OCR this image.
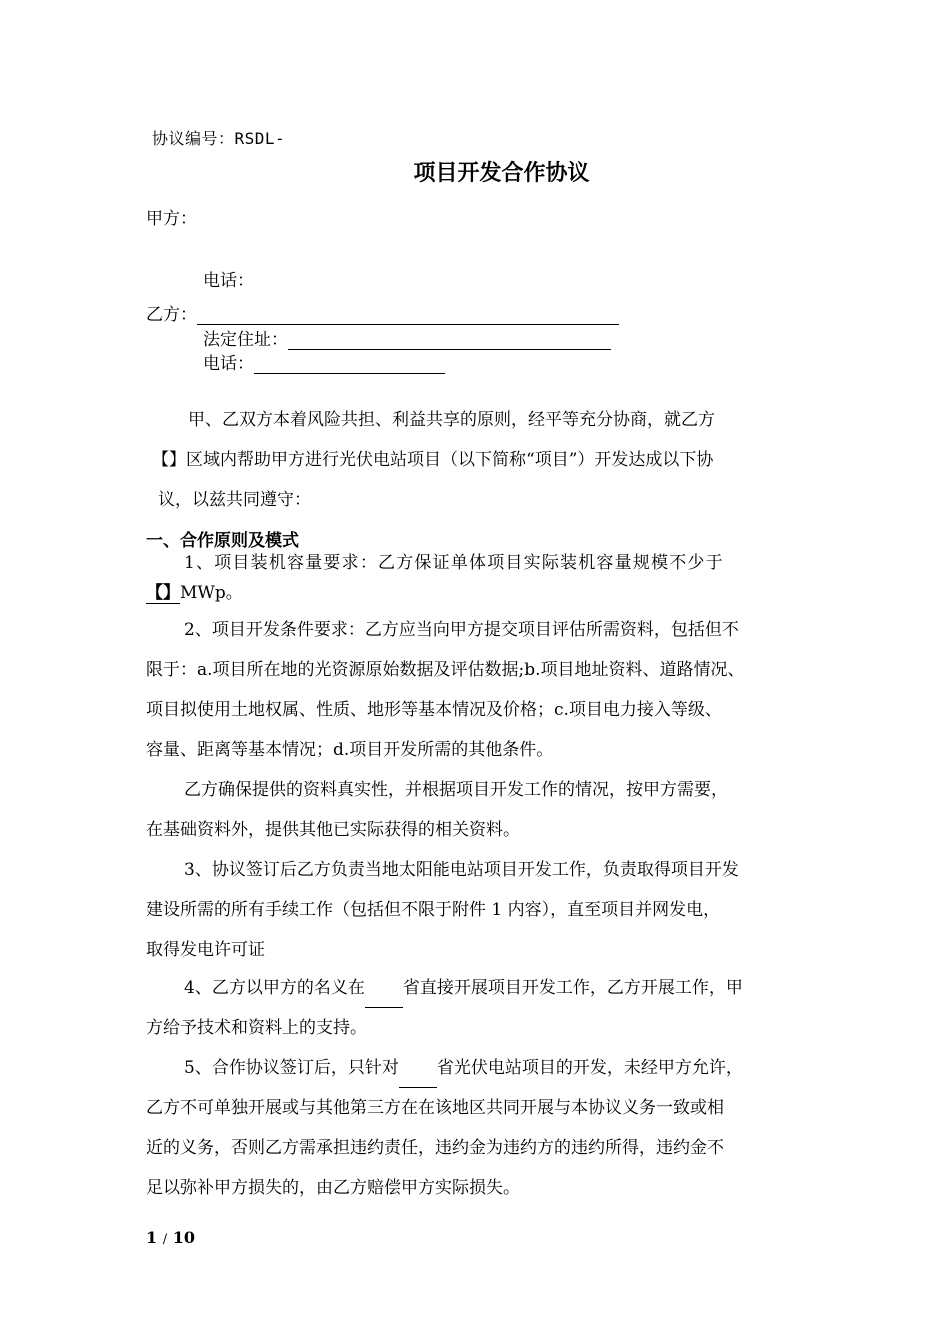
协议编号：RSDL-
项目开发合作协议
甲方：
电话：
乙方：
法定住址：
电话：
甲、乙双方本着风险共担、利益共享的原则，经平等充分协商，就乙方
【】区域内帮助甲方进行光伏电站项目（以下简称“项目”）开发达成以下协
议，以兹共同遵守：
一、合作原则及模式
1、项目装机容量要求：乙方保证单体项目实际装机容量规模不少于
【】MWp。
2、项目开发条件要求：乙方应当向甲方提交项目评估所需资料，包括但不
限于：a.项目所在地的光资源原始数据及评估数据;b.项目地址资料、道路情况、
项目拟使用土地权属、性质、地形等基本情况及价格；c.项目电力接入等级、
容量、距离等基本情况；d.项目开发所需的其他条件。
乙方确保提供的资料真实性，并根据项目开发工作的情况，按甲方需要，
在基础资料外，提供其他已实际获得的相关资料。
3、协议签订后乙方负责当地太阳能电站项目开发工作，负责取得项目开发
建设所需的所有手续工作（包括但不限于附件 1 内容），直至项目并网发电，
取得发电许可证
4、乙方以甲方的名义在 省直接开展项目开发工作，乙方开展工作，甲
方给予技术和资料上的支持。
5、合作协议签订后，只针对 省光伏电站项目的开发，未经甲方允许，
乙方不可单独开展或与其他第三方在在该地区共同开展与本协议义务一致或相
近的义务，否则乙方需承担违约责任，违约金为违约方的违约所得，违约金不
足以弥补甲方损失的，由乙方赔偿甲方实际损失。
1 / 10
